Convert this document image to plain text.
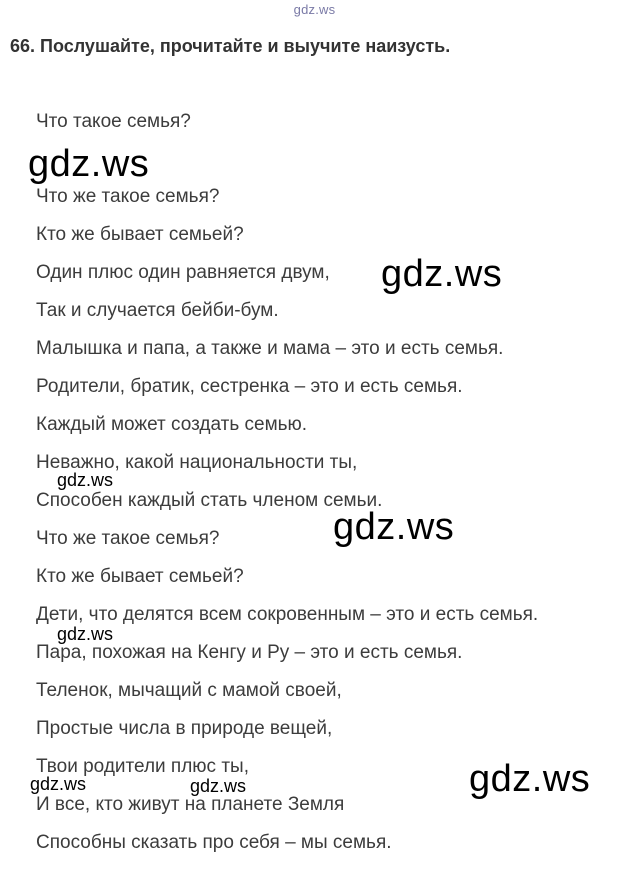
gdz.ws
66. Послушайте, прочитайте и выучите наизусть.
Что такое семья?
Что же такое семья?
Кто же бывает семьей?
Один плюс один равняется двум,
Так и случается бейби-бум.
Малышка и папа, а также и мама – это и есть семья.
Родители, братик, сестренка – это и есть семья.
Каждый может создать семью.
Неважно, какой национальности ты,
Способен каждый стать членом семьи.
Что же такое семья?
Кто же бывает семьей?
Дети, что делятся всем сокровенным – это и есть семья.
Пара, похожая на Кенгу и Ру – это и есть семья.
Теленок, мычащий с мамой своей,
Простые числа в природе вещей,
Твои родители плюс ты,
И все, кто живут на планете Земля
Способны сказать про себя – мы семья.
gdz.ws
gdz.ws
gdz.ws
gdz.ws
gdz.ws
gdz.ws
gdz.ws	gdz.ws
